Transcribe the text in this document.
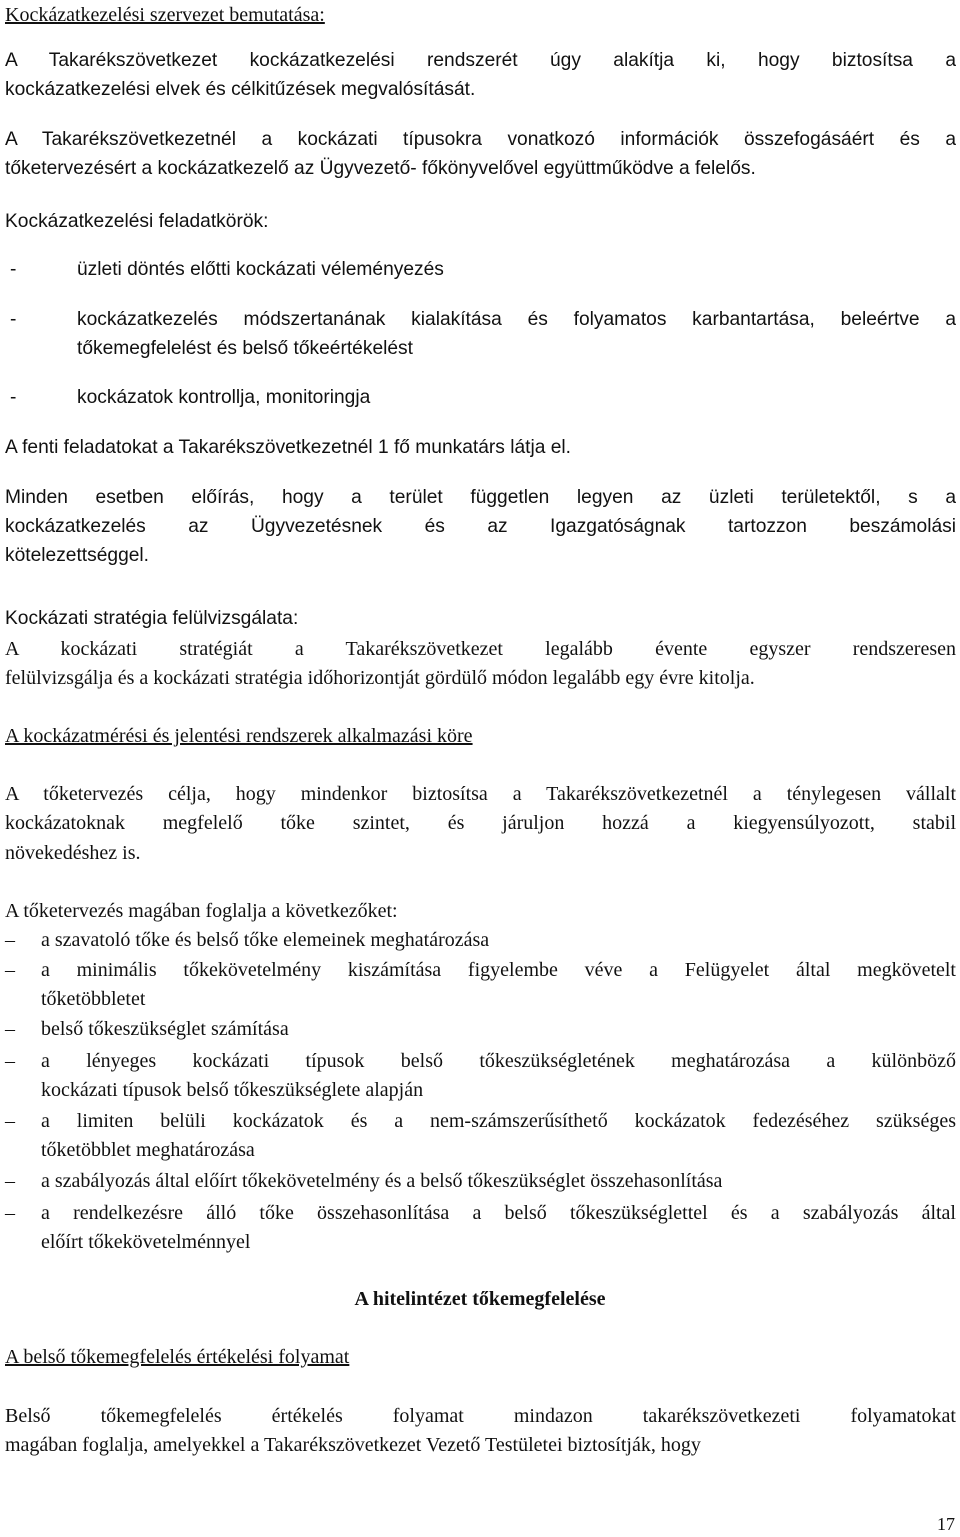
Kockázatkezelési szervezet bemutatása:
A Takarékszövetkezet kockázatkezelési rendszerét úgy alakítja ki, hogy biztosítsa a
kockázatkezelési elvek és célkitűzések megvalósítását.
A Takarékszövetkezetnél a kockázati típusokra vonatkozó információk összefogásáért és a
tőketervezésért a kockázatkezelő az Ügyvezető- főkönyvelővel együttműködve a felelős.
Kockázatkezelési feladatkörök:
-	üzleti döntés előtti kockázati véleményezés
-	kockázatkezelés módszertanának kialakítása és folyamatos karbantartása, beleértve a
tőkemegfelelést és belső tőkeértékelést
-	kockázatok kontrollja, monitoringja
A fenti feladatokat a Takarékszövetkezetnél 1 fő munkatárs látja el.
Minden esetben előírás, hogy a terület független legyen az üzleti területektől, s a
kockázatkezelés az Ügyvezetésnek és az Igazgatóságnak tartozzon beszámolási
kötelezettséggel.
Kockázati stratégia felülvizsgálata:
A kockázati stratégiát a Takarékszövetkezet legalább évente egyszer rendszeresen
felülvizsgálja és a kockázati stratégia időhorizontját gördülő módon legalább egy évre kitolja.
A kockázatmérési és jelentési rendszerek alkalmazási köre
A tőketervezés célja, hogy mindenkor biztosítsa a Takarékszövetkezetnél a ténylegesen vállalt
kockázatoknak megfelelő tőke szintet, és járuljon hozzá a kiegyensúlyozott, stabil
növekedéshez is.
A tőketervezés magában foglalja a következőket:
– a szavatoló tőke és belső tőke elemeinek meghatározása
– a minimális tőkekövetelmény kiszámítása figyelembe véve a Felügyelet által megkövetelt
tőketöbbletet
– belső tőkeszükséglet számítása
– a lényeges kockázati típusok belső tőkeszükségletének meghatározása a különböző
kockázati típusok belső tőkeszükséglete alapján
– a limiten belüli kockázatok és a nem-számszerűsíthető kockázatok fedezéséhez szükséges
tőketöbblet meghatározása
– a szabályozás által előírt tőkekövetelmény és a belső tőkeszükséglet összehasonlítása
– a rendelkezésre álló tőke összehasonlítása a belső tőkeszükséglettel és a szabályozás által
előírt tőkekövetelménnyel
A hitelintézet tőkemegfelelése
A belső tőkemegfelelés értékelési folyamat
Belső tőkemegfelelés értékelés folyamat mindazon takarékszövetkezeti folyamatokat
magában foglalja, amelyekkel a Takarékszövetkezet Vezető Testületei biztosítják, hogy
17
